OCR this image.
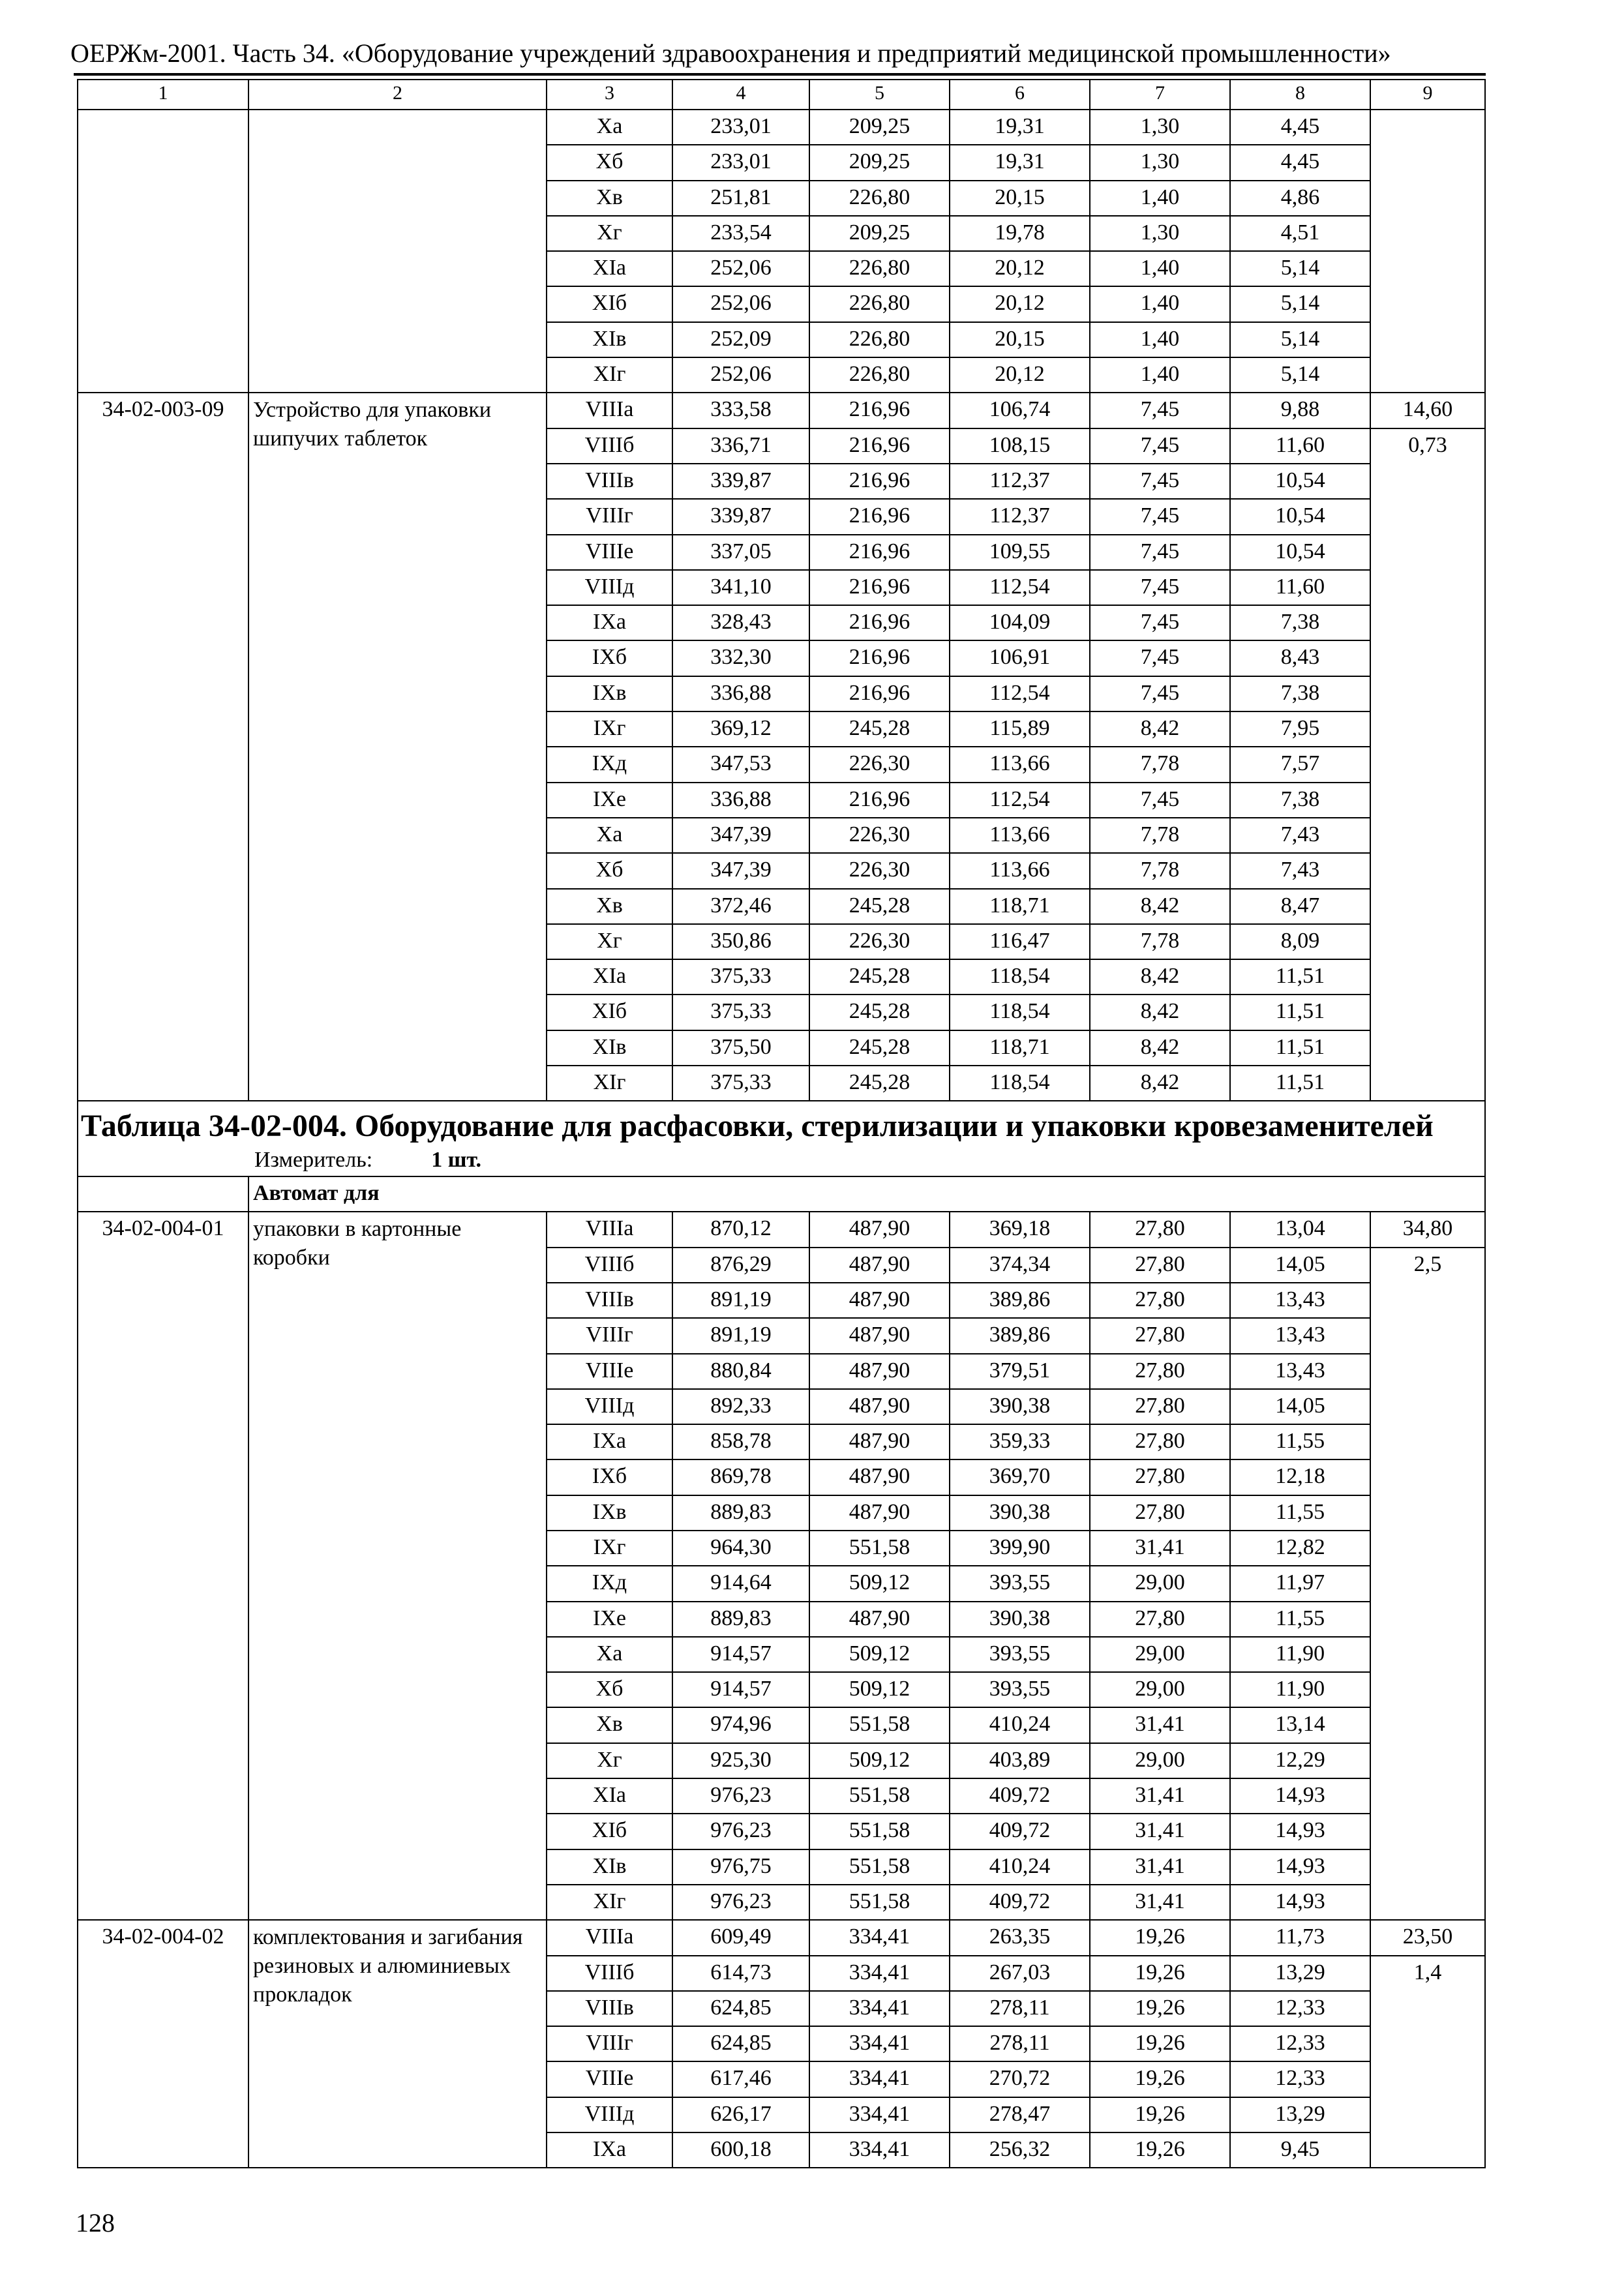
ОЕРЖм-2001. Часть 34. «Оборудование учреждений здравоохранения и предприятий медицинской промышленности»
1	2	3	4	5	6	7	8	9
		Xa	233,01	209,25	19,31	1,30	4,45	
		Xб	233,01	209,25	19,31	1,30	4,45	
		Xв	251,81	226,80	20,15	1,40	4,86	
		Xг	233,54	209,25	19,78	1,30	4,51	
		XIa	252,06	226,80	20,12	1,40	5,14	
		XIб	252,06	226,80	20,12	1,40	5,14	
		XIв	252,09	226,80	20,15	1,40	5,14	
		XIг	252,06	226,80	20,12	1,40	5,14	
34-02-003-09	Устройство для упаковки шипучих таблеток	VIIIa	333,58	216,96	106,74	7,45	9,88	14,60
		VIIIб	336,71	216,96	108,15	7,45	11,60	0,73
		VIIIв	339,87	216,96	112,37	7,45	10,54	
		VIIIг	339,87	216,96	112,37	7,45	10,54	
		VIIIe	337,05	216,96	109,55	7,45	10,54	
		VIIIд	341,10	216,96	112,54	7,45	11,60	
		IXa	328,43	216,96	104,09	7,45	7,38	
		IXб	332,30	216,96	106,91	7,45	8,43	
		IXв	336,88	216,96	112,54	7,45	7,38	
		IXг	369,12	245,28	115,89	8,42	7,95	
		IXд	347,53	226,30	113,66	7,78	7,57	
		IXe	336,88	216,96	112,54	7,45	7,38	
		Xa	347,39	226,30	113,66	7,78	7,43	
		Xб	347,39	226,30	113,66	7,78	7,43	
		Xв	372,46	245,28	118,71	8,42	8,47	
		Xг	350,86	226,30	116,47	7,78	8,09	
		XIa	375,33	245,28	118,54	8,42	11,51	
		XIб	375,33	245,28	118,54	8,42	11,51	
		XIв	375,50	245,28	118,71	8,42	11,51	
		XIг	375,33	245,28	118,54	8,42	11,51	

Таблица 34-02-004. Оборудование для расфасовки, стерилизации и упаковки кровезаменителей
Измеритель: 1 шт.								

	Автомат для							
34-02-004-01	упаковки в картонные коробки	VIIIa	870,12	487,90	369,18	27,80	13,04	34,80
		VIIIб	876,29	487,90	374,34	27,80	14,05	2,5
		VIIIв	891,19	487,90	389,86	27,80	13,43	
		VIIIг	891,19	487,90	389,86	27,80	13,43	
		VIIIe	880,84	487,90	379,51	27,80	13,43	
		VIIIд	892,33	487,90	390,38	27,80	14,05	
		IXa	858,78	487,90	359,33	27,80	11,55	
		IXб	869,78	487,90	369,70	27,80	12,18	
		IXв	889,83	487,90	390,38	27,80	11,55	
		IXг	964,30	551,58	399,90	31,41	12,82	
		IXд	914,64	509,12	393,55	29,00	11,97	
		IXe	889,83	487,90	390,38	27,80	11,55	
		Xa	914,57	509,12	393,55	29,00	11,90	
		Xб	914,57	509,12	393,55	29,00	11,90	
		Xв	974,96	551,58	410,24	31,41	13,14	
		Xг	925,30	509,12	403,89	29,00	12,29	
		XIa	976,23	551,58	409,72	31,41	14,93	
		XIб	976,23	551,58	409,72	31,41	14,93	
		XIв	976,75	551,58	410,24	31,41	14,93	
		XIг	976,23	551,58	409,72	31,41	14,93	
34-02-004-02	комплектования и загибания резиновых и алюминиевых прокладок	VIIIa	609,49	334,41	263,35	19,26	11,73	23,50
		VIIIб	614,73	334,41	267,03	19,26	13,29	1,4
		VIIIв	624,85	334,41	278,11	19,26	12,33	
		VIIIг	624,85	334,41	278,11	19,26	12,33	
		VIIIe	617,46	334,41	270,72	19,26	12,33	
		VIIIд	626,17	334,41	278,47	19,26	13,29	
		IXa	600,18	334,41	256,32	19,26	9,45	
128
